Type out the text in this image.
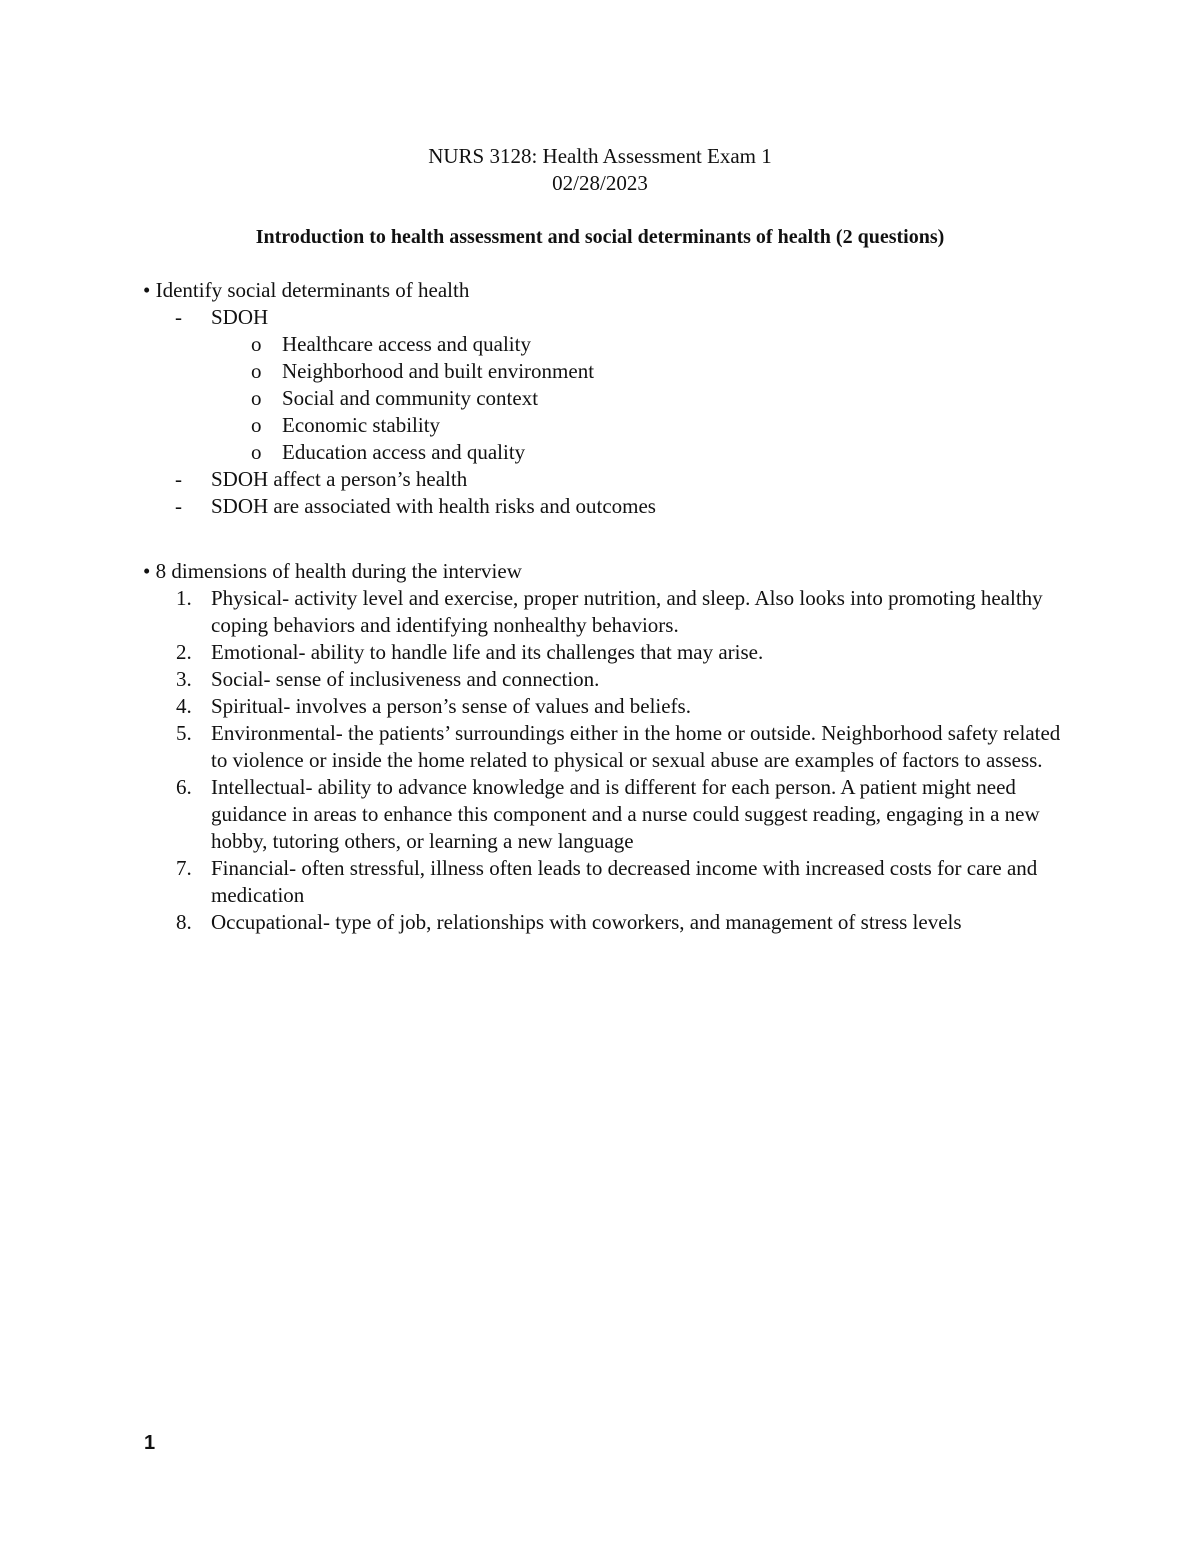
NURS 3128: Health Assessment Exam 1
02/28/2023
Introduction to health assessment and social determinants of health (2 questions)
• Identify social determinants of health
- SDOH
o Healthcare access and quality
o Neighborhood and built environment
o Social and community context
o Economic stability
o Education access and quality
- SDOH affect a person’s health
- SDOH are associated with health risks and outcomes
• 8 dimensions of health during the interview
1. Physical- activity level and exercise, proper nutrition, and sleep. Also looks into promoting healthy coping behaviors and identifying nonhealthy behaviors.
2. Emotional- ability to handle life and its challenges that may arise.
3. Social- sense of inclusiveness and connection.
4. Spiritual- involves a person’s sense of values and beliefs.
5. Environmental- the patients’ surroundings either in the home or outside. Neighborhood safety related to violence or inside the home related to physical or sexual abuse are examples of factors to assess.
6. Intellectual- ability to advance knowledge and is different for each person. A patient might need guidance in areas to enhance this component and a nurse could suggest reading, engaging in a new hobby, tutoring others, or learning a new language
7. Financial- often stressful, illness often leads to decreased income with increased costs for care and medication
8. Occupational- type of job, relationships with coworkers, and management of stress levels
1
